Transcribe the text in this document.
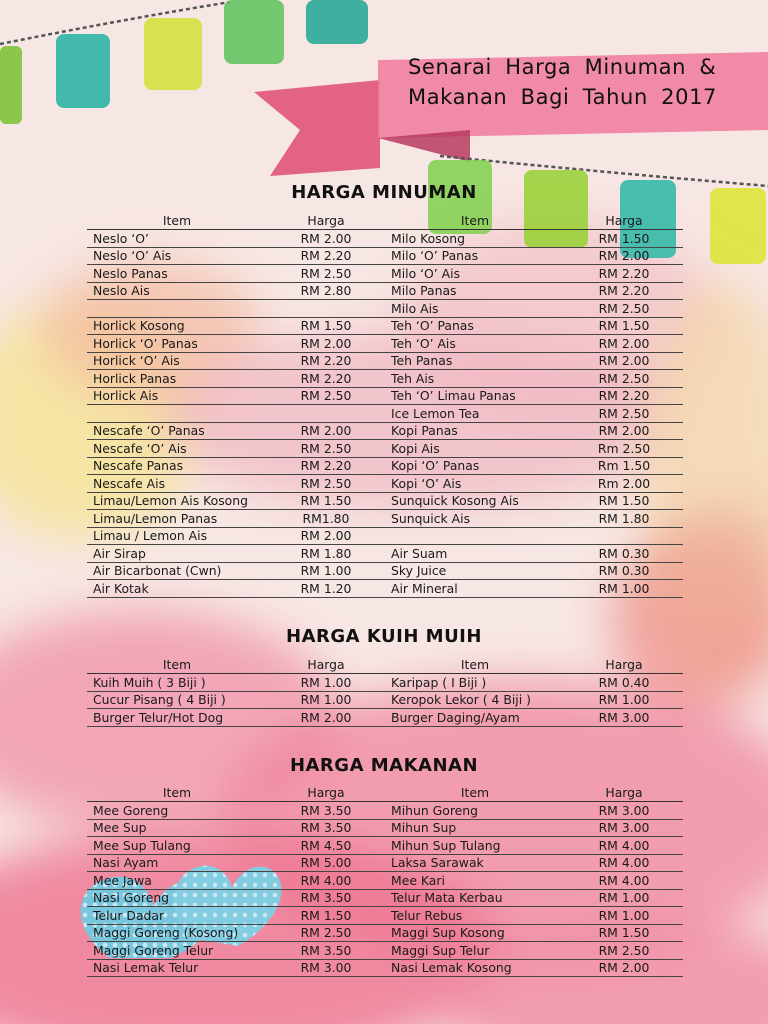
Senarai Harga Minuman &
Makanan Bagi Tahun 2017
HARGA MINUMAN
Item	Harga	Item	Harga
Neslo ‘O’	RM 2.00	Milo Kosong	RM 1.50
Neslo ‘O’ Ais	RM 2.20	Milo ‘O’ Panas	RM 2.00
Neslo Panas	RM 2.50	Milo ‘O’ Ais	RM 2.20
Neslo Ais	RM 2.80	Milo Panas	RM 2.20
		Milo Ais	RM 2.50
Horlick Kosong	RM 1.50	Teh ‘O’ Panas	RM 1.50
Horlick ‘O’ Panas	RM 2.00	Teh ‘O’ Ais	RM 2.00
Horlick ‘O’ Ais	RM 2.20	Teh Panas	RM 2.00
Horlick Panas	RM 2.20	Teh Ais	RM 2.50
Horlick Ais	RM 2.50	Teh ‘O’ Limau Panas	RM 2.20
		Ice Lemon Tea	RM 2.50
Nescafe ‘O’ Panas	RM 2.00	Kopi Panas	RM 2.00
Nescafe ‘O’ Ais	RM 2.50	Kopi Ais	Rm 2.50
Nescafe Panas	RM 2.20	Kopi ‘O’ Panas	Rm 1.50
Nescafe Ais	RM 2.50	Kopi ‘O’ Ais	Rm 2.00
Limau/Lemon Ais Kosong	RM 1.50	Sunquick Kosong Ais	RM 1.50
Limau/Lemon Panas	RM1.80	Sunquick Ais	RM 1.80
Limau / Lemon Ais	RM 2.00		
Air Sirap	RM 1.80	Air Suam	RM 0.30
Air Bicarbonat (Cwn)	RM 1.00	Sky Juice	RM 0.30
Air Kotak	RM 1.20	Air Mineral	RM 1.00
HARGA KUIH MUIH
Item	Harga	Item	Harga
Kuih Muih ( 3 Biji )	RM 1.00	Karipap ( I Biji )	RM 0.40
Cucur Pisang ( 4 Biji )	RM 1.00	Keropok Lekor ( 4 Biji )	RM 1.00
Burger Telur/Hot Dog	RM 2.00	Burger Daging/Ayam	RM 3.00
HARGA MAKANAN
Item	Harga	Item	Harga
Mee Goreng	RM 3.50	Mihun Goreng	RM 3.00
Mee Sup	RM 3.50	Mihun Sup	RM 3.00
Mee Sup Tulang	RM 4.50	Mihun Sup Tulang	RM 4.00
Nasi Ayam	RM 5.00	Laksa Sarawak	RM 4.00
Mee Jawa	RM 4.00	Mee Kari	RM 4.00
Nasi Goreng	RM 3.50	Telur Mata Kerbau	RM 1.00
Telur Dadar	RM 1.50	Telur Rebus	RM 1.00
Maggi Goreng (Kosong)	RM 2.50	Maggi Sup Kosong	RM 1.50
Maggi Goreng Telur	RM 3.50	Maggi Sup Telur	RM 2.50
Nasi Lemak Telur	RM 3.00	Nasi Lemak Kosong	RM 2.00
